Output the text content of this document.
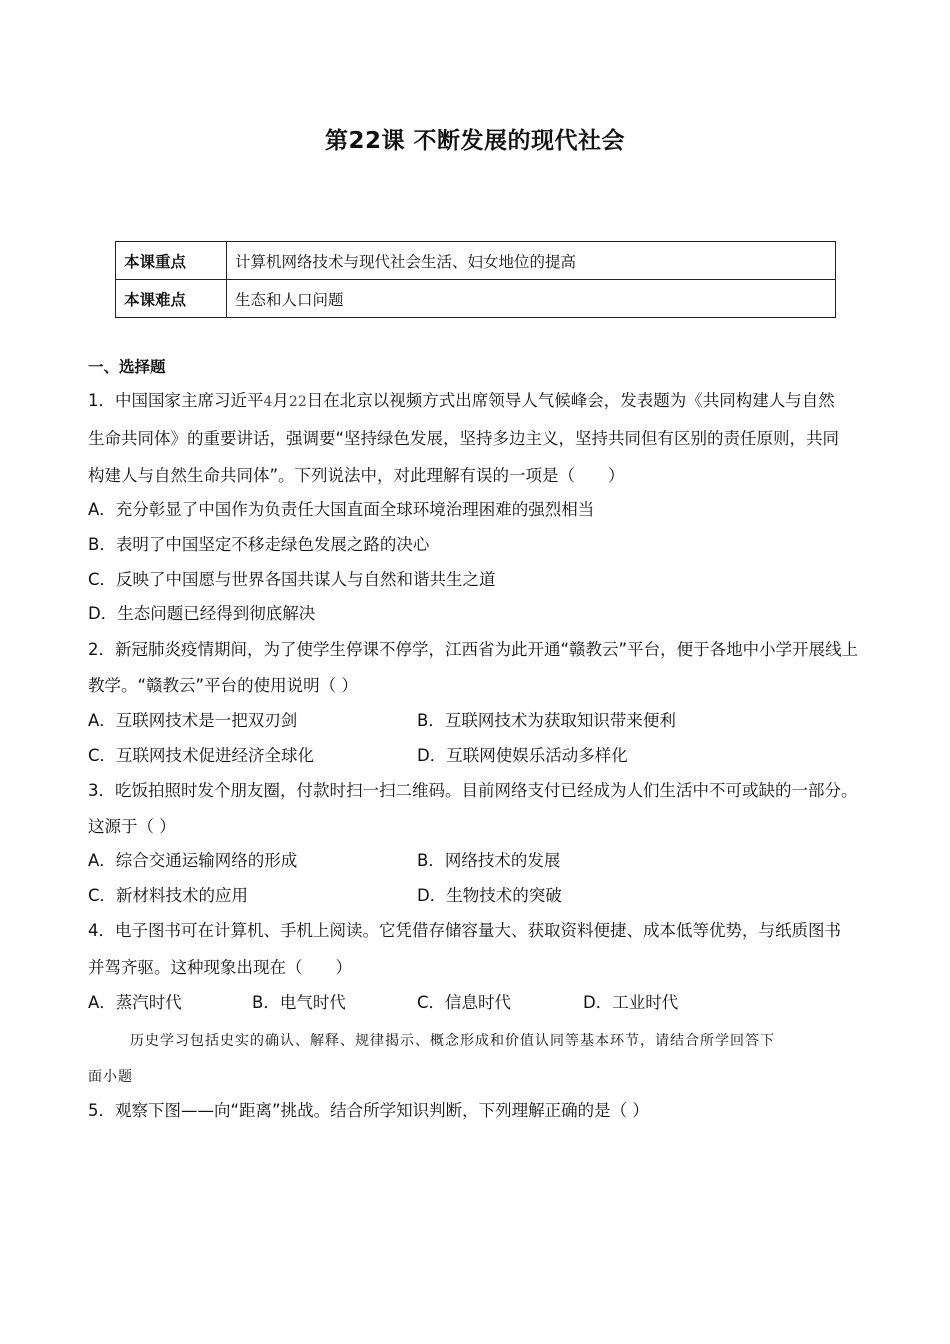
第22课 不断发展的现代社会
本课重点	计算机网络技术与现代社会生活、妇女地位的提高
本课难点	生态和人口问题
一、选择题
1．中国国家主席习近平4月22日在北京以视频方式出席领导人气候峰会，发表题为《共同构建人与自然
生命共同体》的重要讲话，强调要“坚持绿色发展，坚持多边主义，坚持共同但有区别的责任原则，共同
构建人与自然生命共同体”。下列说法中，对此理解有误的一项是（　　）
A．充分彰显了中国作为负责任大国直面全球环境治理困难的强烈相当
B．表明了中国坚定不移走绿色发展之路的决心
C．反映了中国愿与世界各国共谋人与自然和谐共生之道
D．生态问题已经得到彻底解决
2．新冠肺炎疫情期间，为了使学生停课不停学，江西省为此开通“赣教云”平台，便于各地中小学开展线上
教学。“赣教云”平台的使用说明（ ）
A．互联网技术是一把双刃剑	B．互联网技术为获取知识带来便利
C．互联网技术促进经济全球化	D．互联网使娱乐活动多样化
3．吃饭拍照时发个朋友圈，付款时扫一扫二维码。目前网络支付已经成为人们生活中不可或缺的一部分。
这源于（ ）
A．综合交通运输网络的形成	B．网络技术的发展
C．新材料技术的应用	D．生物技术的突破
4．电子图书可在计算机、手机上阅读。它凭借存储容量大、获取资料便捷、成本低等优势，与纸质图书
并驾齐驱。这种现象出现在（　　）
A．蒸汽时代	B．电气时代	C．信息时代	D．工业时代
历史学习包括史实的确认、解释、规律揭示、概念形成和价值认同等基本环节，请结合所学回答下
面小题
5．观察下图——向“距离”挑战。结合所学知识判断，下列理解正确的是（ ）
